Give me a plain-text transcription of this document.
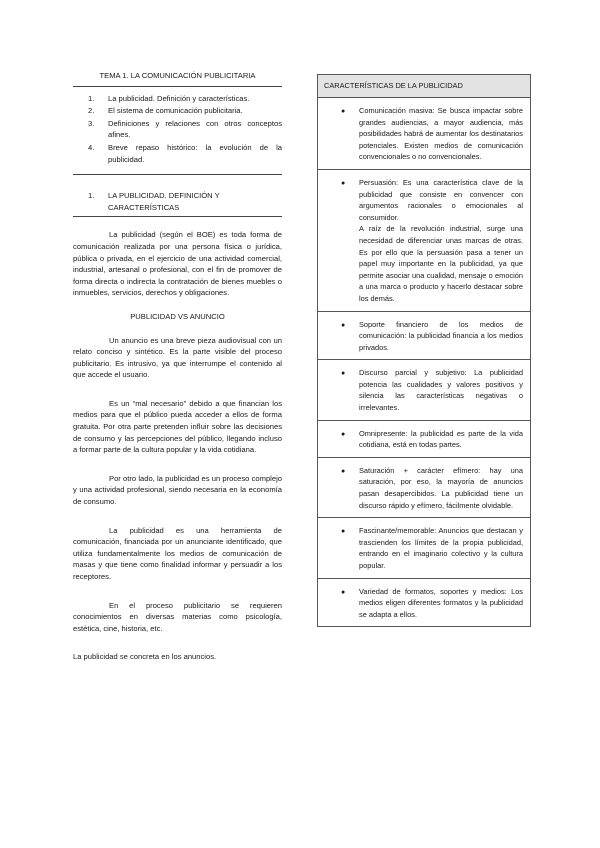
TEMA 1. LA COMUNICACIÓN PUBLICITARIA
1. La publicidad. Definición y características.
2. El sistema de comunicación publicitaria.
3. Definiciones y relaciones con otros conceptos afines.
4. Breve repaso histórico: la evolución de la publicidad.
1. LA PUBLICIDAD. DEFINICIÓN Y CARACTERÍSTICAS

La publicidad (según el BOE) es toda forma de comunicación realizada por una persona física o jurídica, pública o privada, en el ejercicio de una actividad comercial, industrial, artesanal o profesional, con el fin de promover de forma directa o indirecta la contratación de bienes muebles o inmuebles, servicios, derechos y obligaciones.

PUBLICIDAD VS ANUNCIO

Un anuncio es una breve pieza audiovisual con un relato conciso y sintético. Es la parte visible del proceso publicitario. Es intrusivo, ya que interrumpe el contenido al que accede el usuario.

Es un “mal necesario” debido a que financian los medios para que el público pueda acceder a ellos de forma gratuita. Por otra parte pretenden influir sobre las decisiones de consumo y las percepciones del público, llegando incluso a formar parte de la cultura popular y la vida cotidiana.

Por otro lado, la publicidad es un proceso complejo y una actividad profesional, siendo necesaria en la economía de consumo.

La publicidad es una herramienta de comunicación, financiada por un anunciante identificado, que utiliza fundamentalmente los medios de comunicación de masas y que tiene como finalidad informar y persuadir a los receptores.

En el proceso publicitario se requieren conocimientos en diversas materias como psicología, estética, cine, historia, etc.

La publicidad se concreta en los anuncios.

CARACTERÍSTICAS DE LA PUBLICIDAD
● Comunicación masiva: Se busca impactar sobre grandes audiencias, a mayor audiencia, más posibilidades habrá de aumentar los destinatarios potenciales. Existen medios de comunicación convencionales o no convencionales.

● Persuasión: Es una característica clave de la publicidad que consiste en convencer con argumentos racionales o emocionales al consumidor.

A raíz de la revolución industrial, surge una necesidad de diferenciar unas marcas de otras. Es por ello que la persuasión pasa a tener un papel muy importante en la publicidad, ya que permite asociar una cualidad, mensaje o emoción a una marca o producto y hacerlo destacar sobre los demás.

● Soporte financiero de los medios de comunicación: la publicidad financia a los medios privados.

● Discurso parcial y subjetivo: La publicidad potencia las cualidades y valores positivos y silencia las características negativas o irrelevantes.

● Omnipresente: la publicidad es parte de la vida cotidiana, está en todas partes.

● Saturación + carácter efímero: hay una saturación, por eso, la mayoría de anuncios pasan desapercibidos. La publicidad tiene un discurso rápido y efímero, fácilmente olvidable.

● Fascinante/memorable: Anuncios que destacan y trascienden los límites de la propia publicidad, entrando en el imaginario colectivo y la cultura popular.

● Variedad de formatos, soportes y medios: Los medios eligen diferentes formatos y la publicidad se adapta a ellos.
